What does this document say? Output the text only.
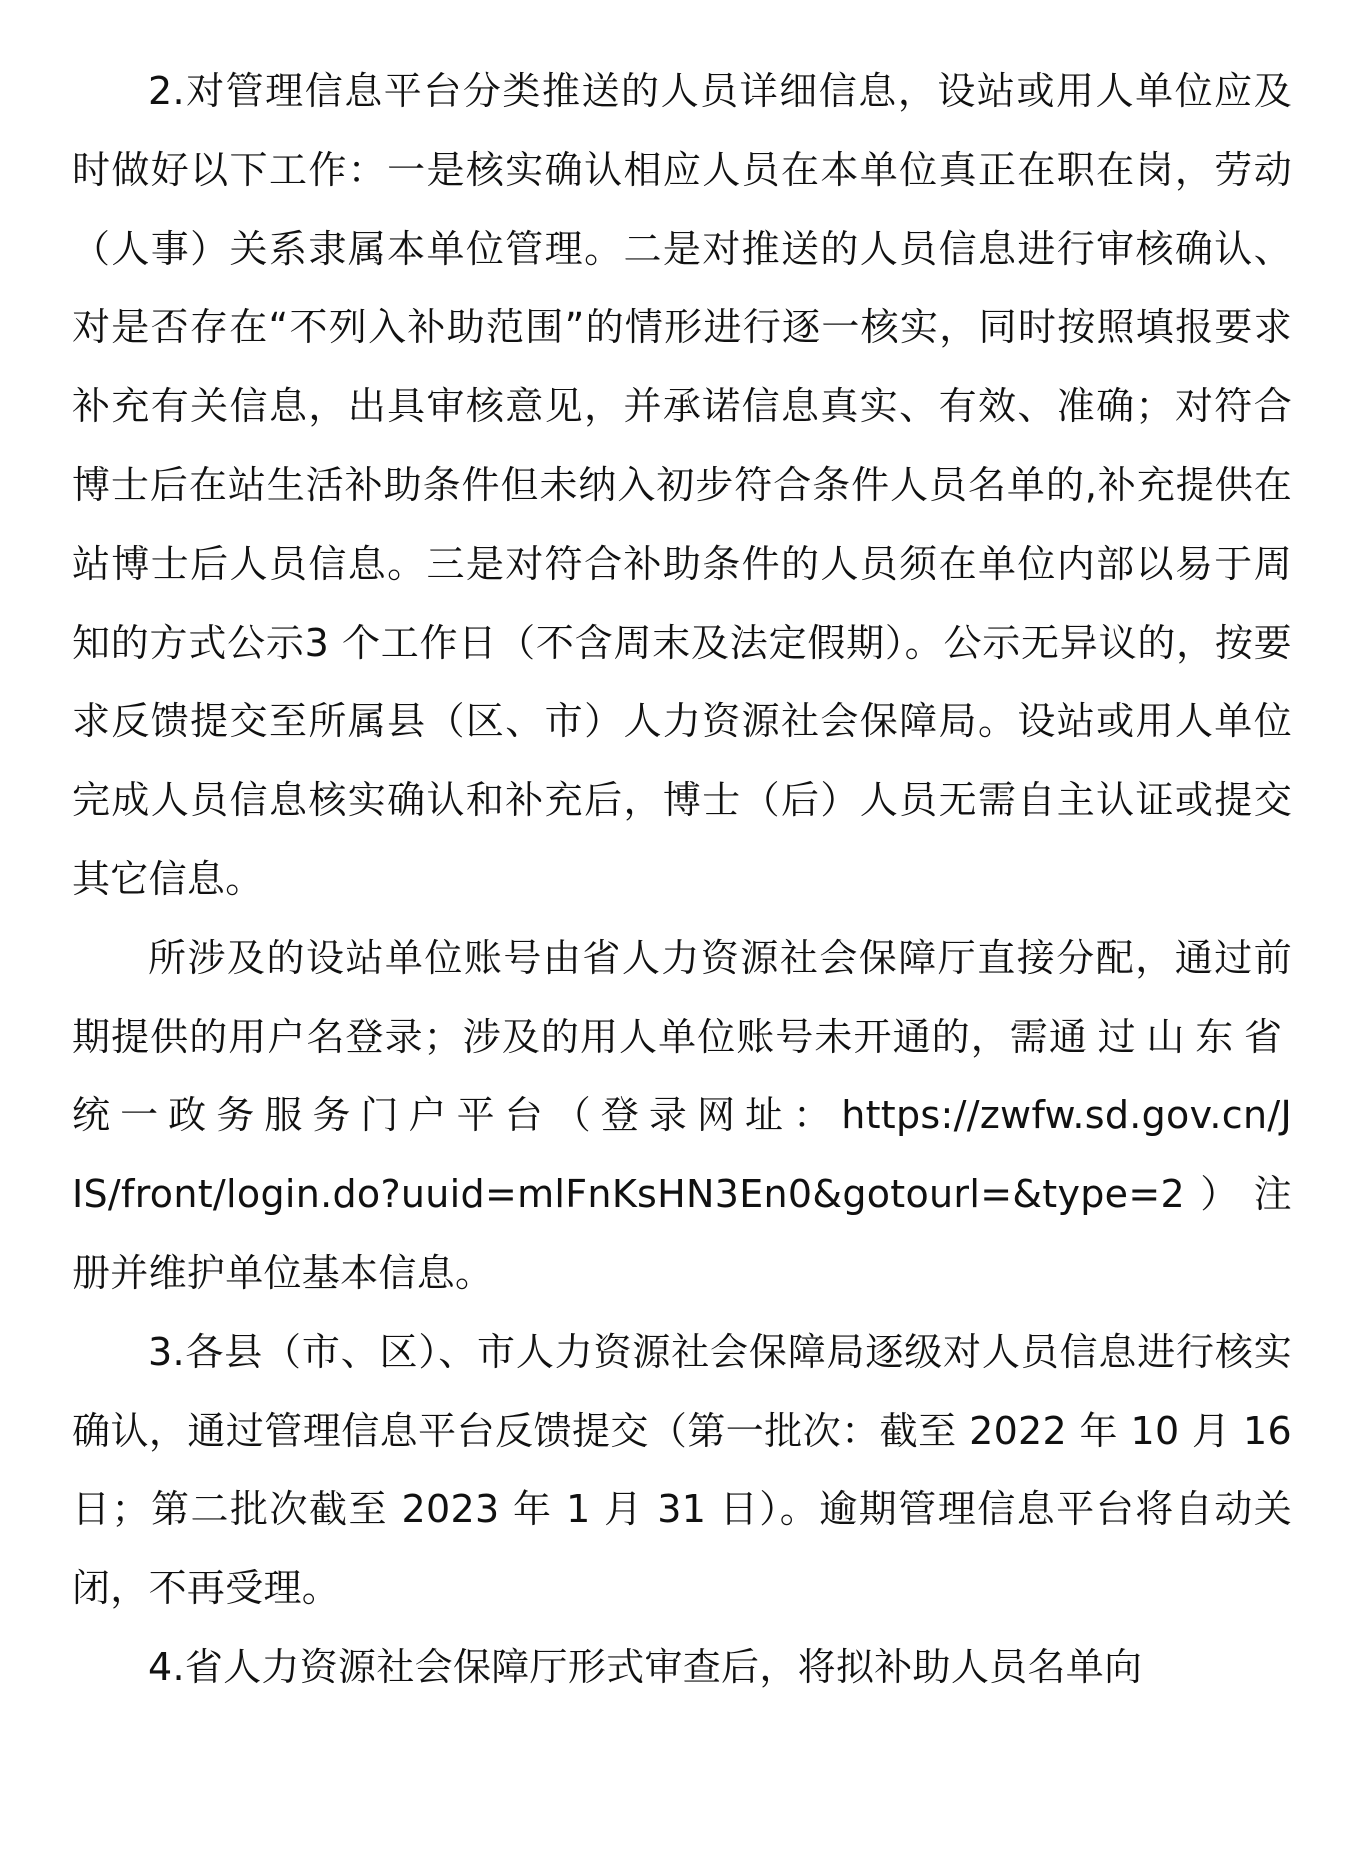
2.对管理信息平台分类推送的人员详细信息，设站或用人单位应及时做好以下工作：一是核实确认相应人员在本单位真正在职在岗，劳动（人事）关系隶属本单位管理。二是对推送的人员信息进行审核确认、对是否存在“不列入补助范围”的情形进行逐一核实，同时按照填报要求补充有关信息，出具审核意见，并承诺信息真实、有效、准确；对符合博士后在站生活补助条件但未纳入初步符合条件人员名单的,补充提供在站博士后人员信息。三是对符合补助条件的人员须在单位内部以易于周知的方式公示3 个工作日（不含周末及法定假期）。公示无异议的，按要求反馈提交至所属县（区、市）人力资源社会保障局。设站或用人单位完成人员信息核实确认和补充后，博士（后）人员无需自主认证或提交其它信息。

所涉及的设站单位账号由省人力资源社会保障厅直接分配，通过前期提供的用户名登录；涉及的用人单位账号未开通的，需通过山东省统一政务服务门户平台（登录网址：https://zwfw.sd.gov.cn/JIS/front/login.do?uuid=mlFnKsHN3En0&gotourl=&type=2）注册并维护单位基本信息。

3.各县（市、区）、市人力资源社会保障局逐级对人员信息进行核实确认，通过管理信息平台反馈提交（第一批次：截至 2022 年 10 月 16 日；第二批次截至 2023 年 1 月 31 日）。逾期管理信息平台将自动关闭，不再受理。

4.省人力资源社会保障厅形式审查后，将拟补助人员名单向
